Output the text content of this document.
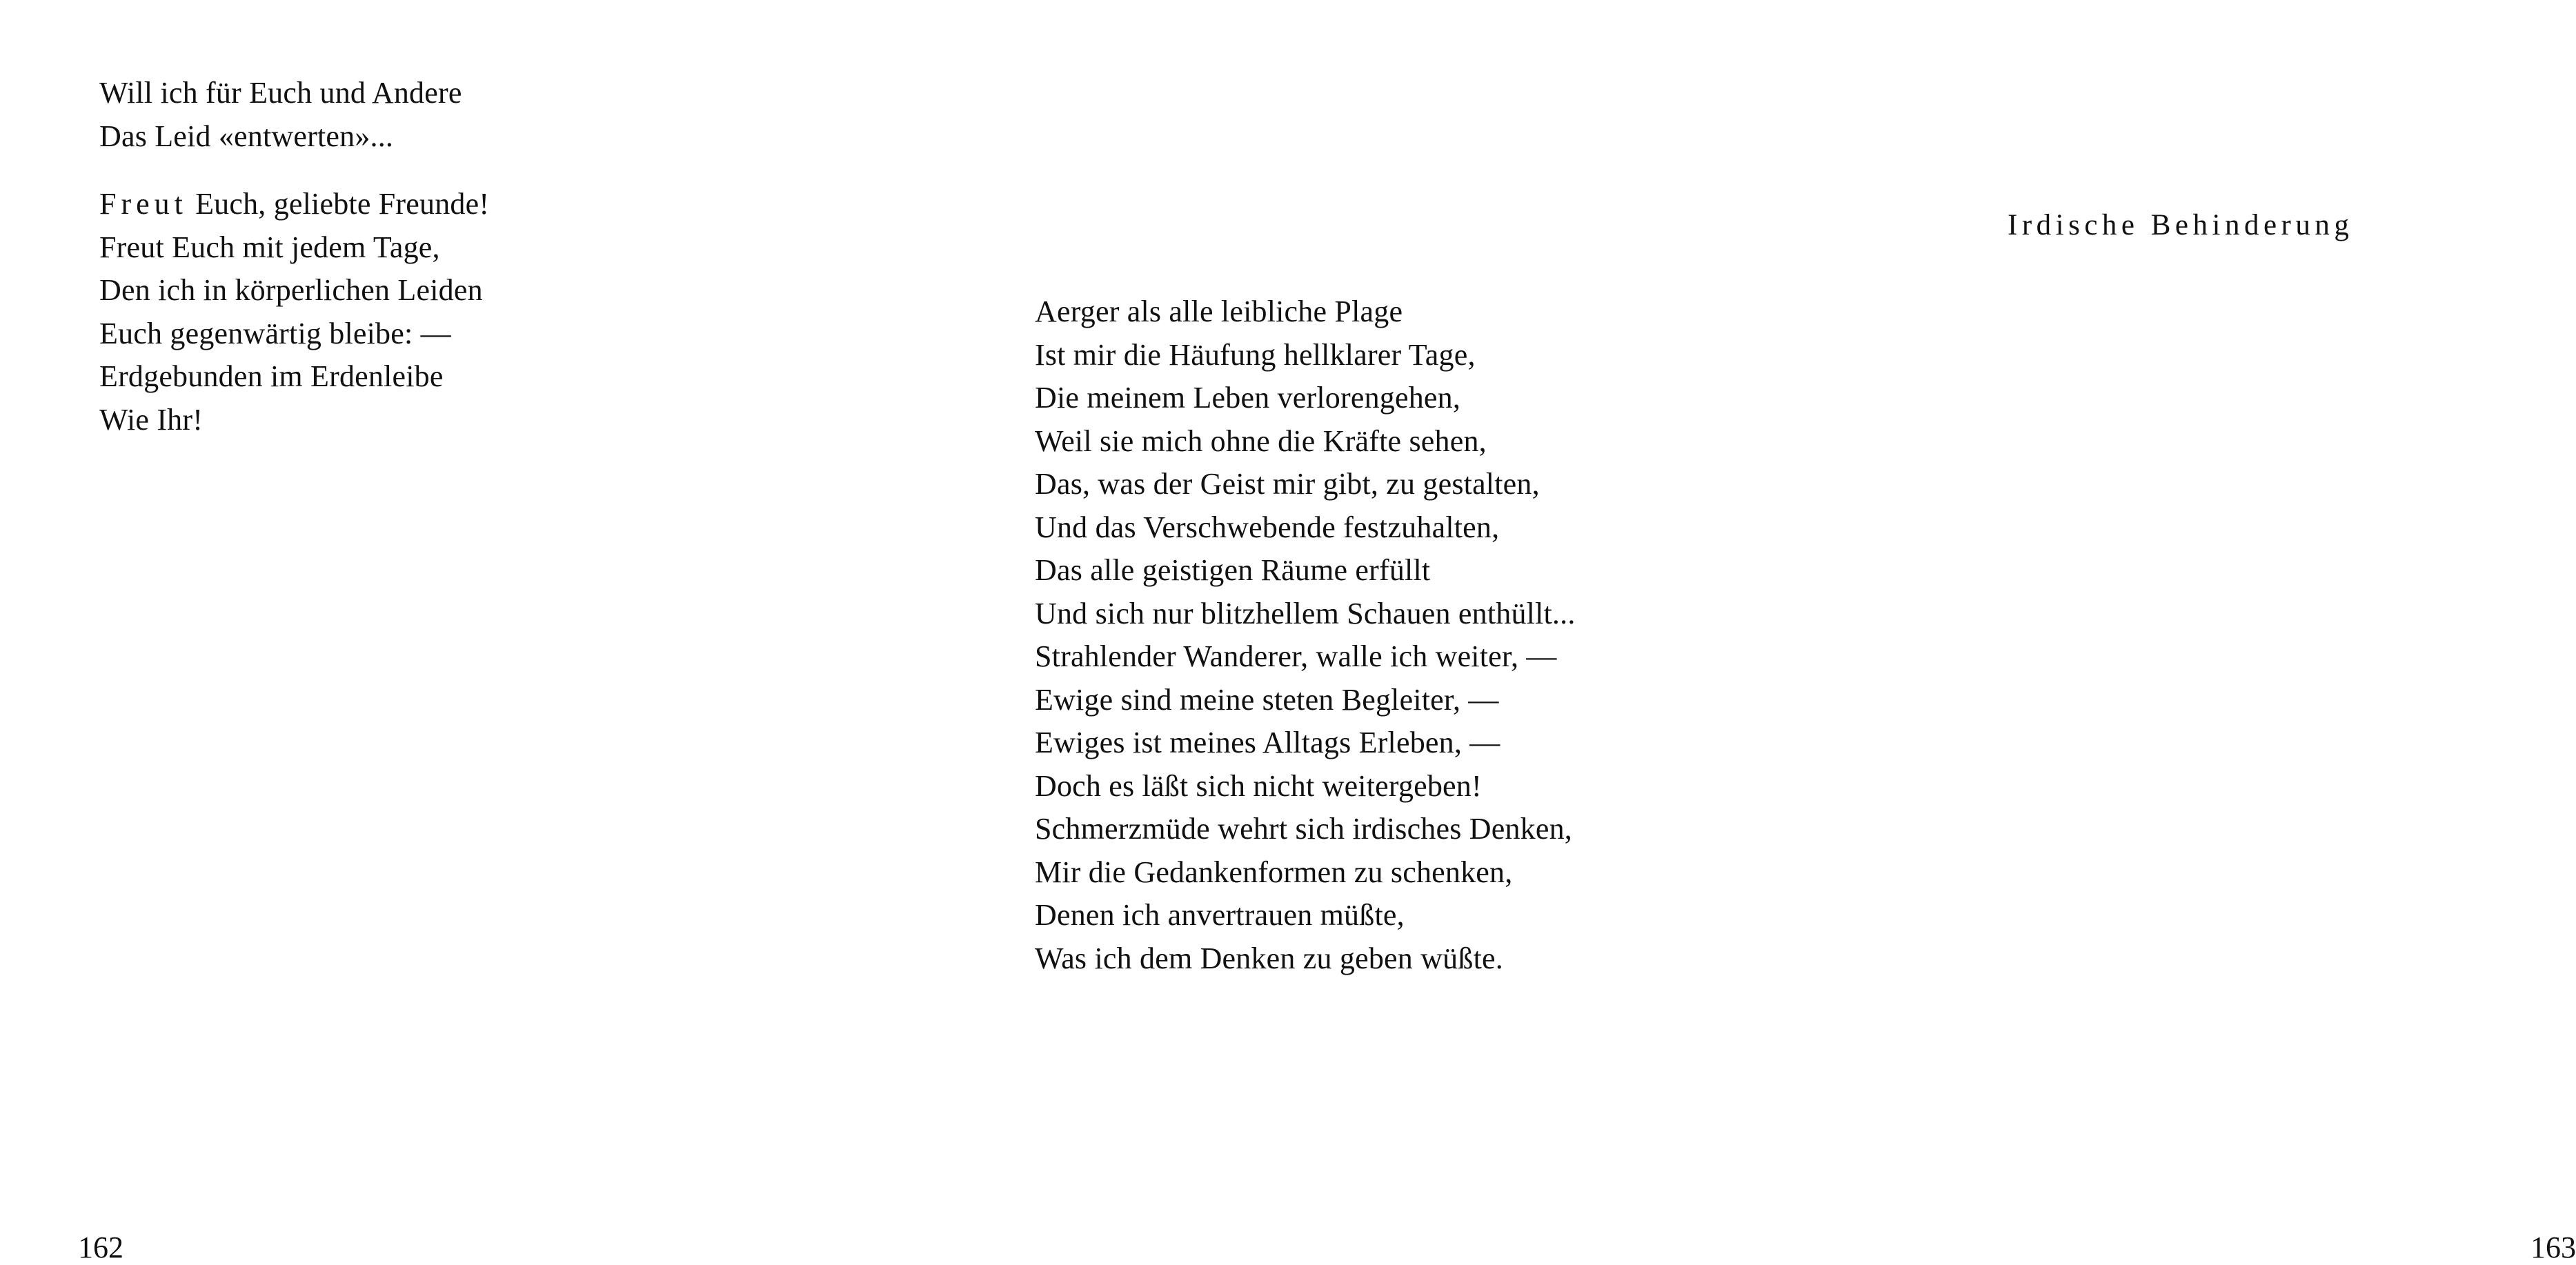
Will ich für Euch und Andere
Das Leid «entwerten»...
Freut Euch, geliebte Freunde!
Freut Euch mit jedem Tage,
Den ich in körperlichen Leiden
Euch gegenwärtig bleibe: —
Erdgebunden im Erdenleibe
Wie Ihr!
162
Irdische Behinderung
163
Aerger als alle leibliche Plage
Ist mir die Häufung hellklarer Tage,
Die meinem Leben verlorengehen,
Weil sie mich ohne die Kräfte sehen,
Das, was der Geist mir gibt, zu gestalten,
Und das Verschwebende festzuhalten,
Das alle geistigen Räume erfüllt
Und sich nur blitzhellem Schauen enthüllt...
Strahlender Wanderer, walle ich weiter, —
Ewige sind meine steten Begleiter, —
Ewiges ist meines Alltags Erleben, —
Doch es läßt sich nicht weitergeben!
Schmerzmüde wehrt sich irdisches Denken,
Mir die Gedankenformen zu schenken,
Denen ich anvertrauen müßte,
Was ich dem Denken zu geben wüßte.
